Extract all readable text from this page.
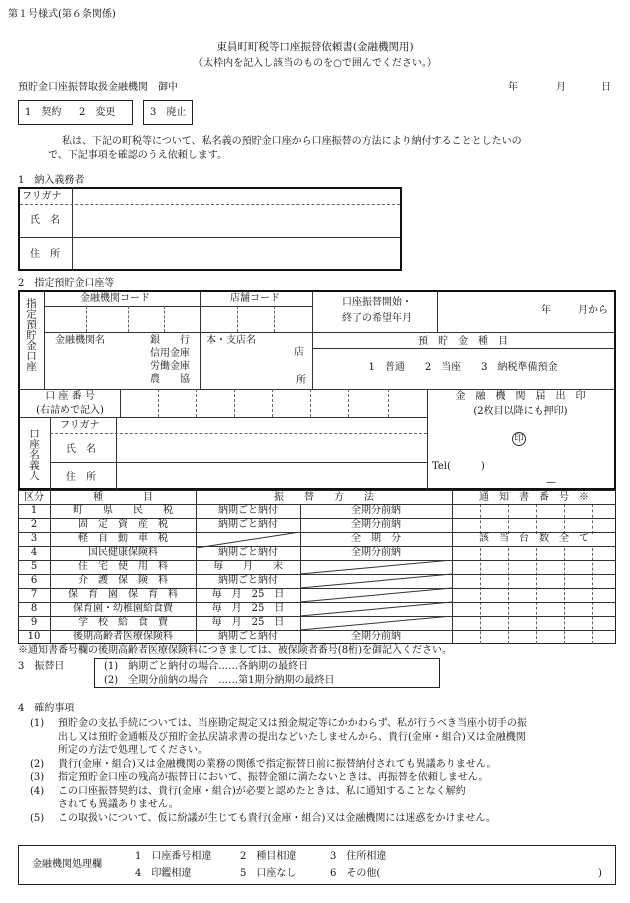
第１号様式(第６条関係)
東員町町税等口座振替依頼書(金融機関用)
（太枠内を記入し該当のものを○で囲んでください。）
預貯金口座振替取扱金融機関　御中	年	月	日
1　契約 2　変更	3　廃止
私は、下記の町税等について、私名義の預貯金口座から口座振替の方法により納付することとしたいの
で、下記事項を確認のうえ依頼します。
1　納入義務者
フリガナ
氏　名
住　所
2　指定預貯金口座等
指定預貯金口座	金融機関コード	店舗コード	口座振替開始・
終了の希望年月
年	月から
金融機関名	銀　　行
信用金庫
労働金庫
農　　協
本・支店名
店
所
預　貯　金　種　目
1　普通　　2　当座　　3　納税準備預金
口 座 番 号
(右詰めで記入)
金　融　機　関　届　出　印
(2枚目以降にも押印)
印
口座名義人
フリガナ
氏　名
住　所
Tel(　　　)
—
区分	種　　　　目	振　　替　　方　　法	通　知　書　番　号　※
1	町　　県　　民　　税	納期ごと納付	全期分前納
2	固　定　資　産　税	納期ごと納付	全期分前納
3	軽　自　動　車　税	全　期　分	該　当　台　数　全　て
4	国民健康保険料	納期ごと納付	全期分前納
5	住　宅　使　用　料	毎　　月　　末
6	介　護　保　険　料	納期ごと納付
7	保　育　園　保　育　料	毎　月　25　日
8	保育園・幼稚園給食費	毎　月　25　日
9	学　校　給　食　費	毎　月　25　日
10	後期高齢者医療保険料	納期ごと納付	全期分前納
※通知書番号欄の後期高齢者医療保険料につきましては、被保険者番号(8桁)を御記入ください。
3　振替日	(1)　納期ごと納付の場合……各納期の最終日
(2)　全期分前納の場合　……第1期分納期の最終日
4　確約事項
(1) 預貯金の支払手続については、当座勘定規定又は預金規定等にかかわらず、私が行うべき当座小切手の振
出し又は預貯金通帳及び預貯金払戻請求書の提出などいたしませんから、貴行(金庫・組合)又は金融機関
所定の方法で処理してください。
(2) 貴行(金庫・組合)又は金融機関の業務の関係で指定振替日前に振替納付されても異議ありません。
(3) 指定預貯金口座の残高が振替日において、振替金額に満たないときは、再振替を依頼しません。
(4) この口座振替契約は、貴行(金庫・組合)が必要と認めたときは、私に通知することなく解約
されても異議ありません。
(5) この取扱いについて、仮に紛議が生じても貴行(金庫・組合)又は金融機関には迷惑をかけません。
金融機関処理欄
1　口座番号相違	2　種目相違	3　住所相違
4　印鑑相違	5　口座なし	6　その他(	)
